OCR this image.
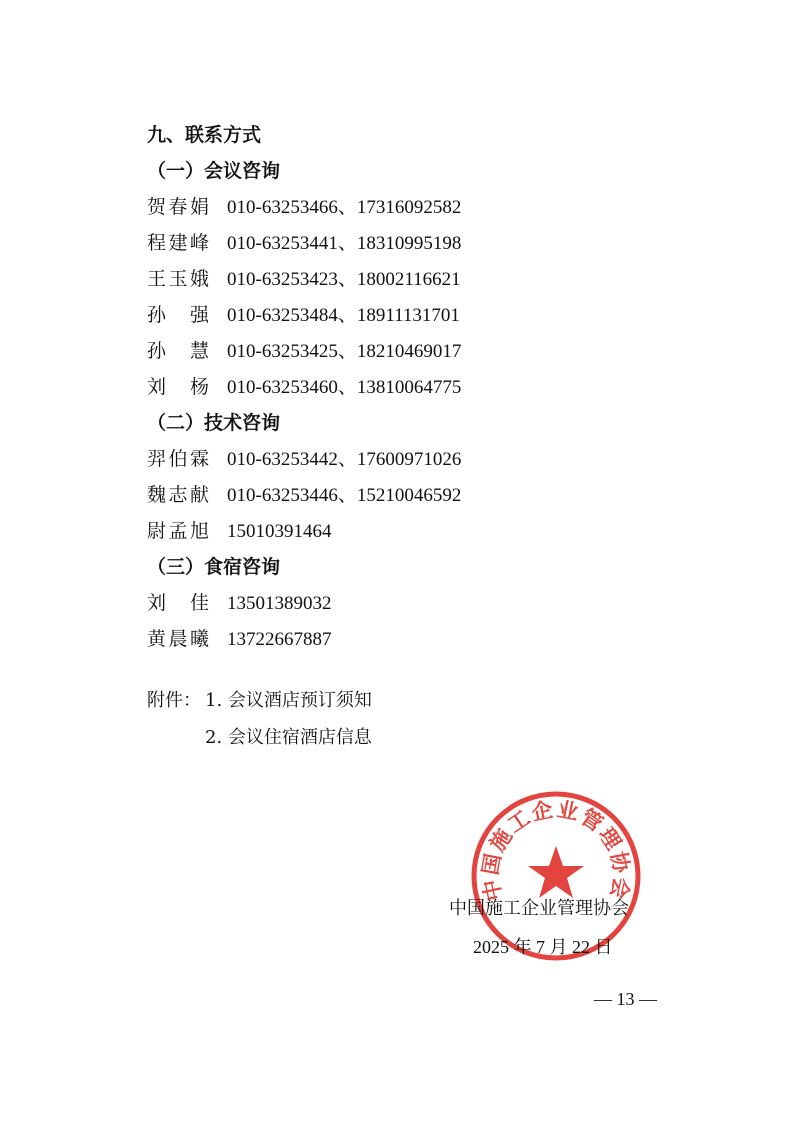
九、联系方式
（一）会议咨询
贺春娟 010-63253466、17316092582
程建峰 010-63253441、18310995198
王玉娥 010-63253423、18002116621
孙强 010-63253484、18911131701
孙慧 010-63253425、18210469017
刘杨 010-63253460、13810064775
（二）技术咨询
羿伯霖 010-63253442、17600971026
魏志献 010-63253446、15210046592
尉孟旭 15010391464
（三）食宿咨询
刘佳 13501389032
黄晨曦 13722667887
附件： 1. 会议酒店预订须知
2. 会议住宿酒店信息
中国施工企业管理协会
中国施工企业管理协会
2025 年 7 月 22 日
— 13 —
